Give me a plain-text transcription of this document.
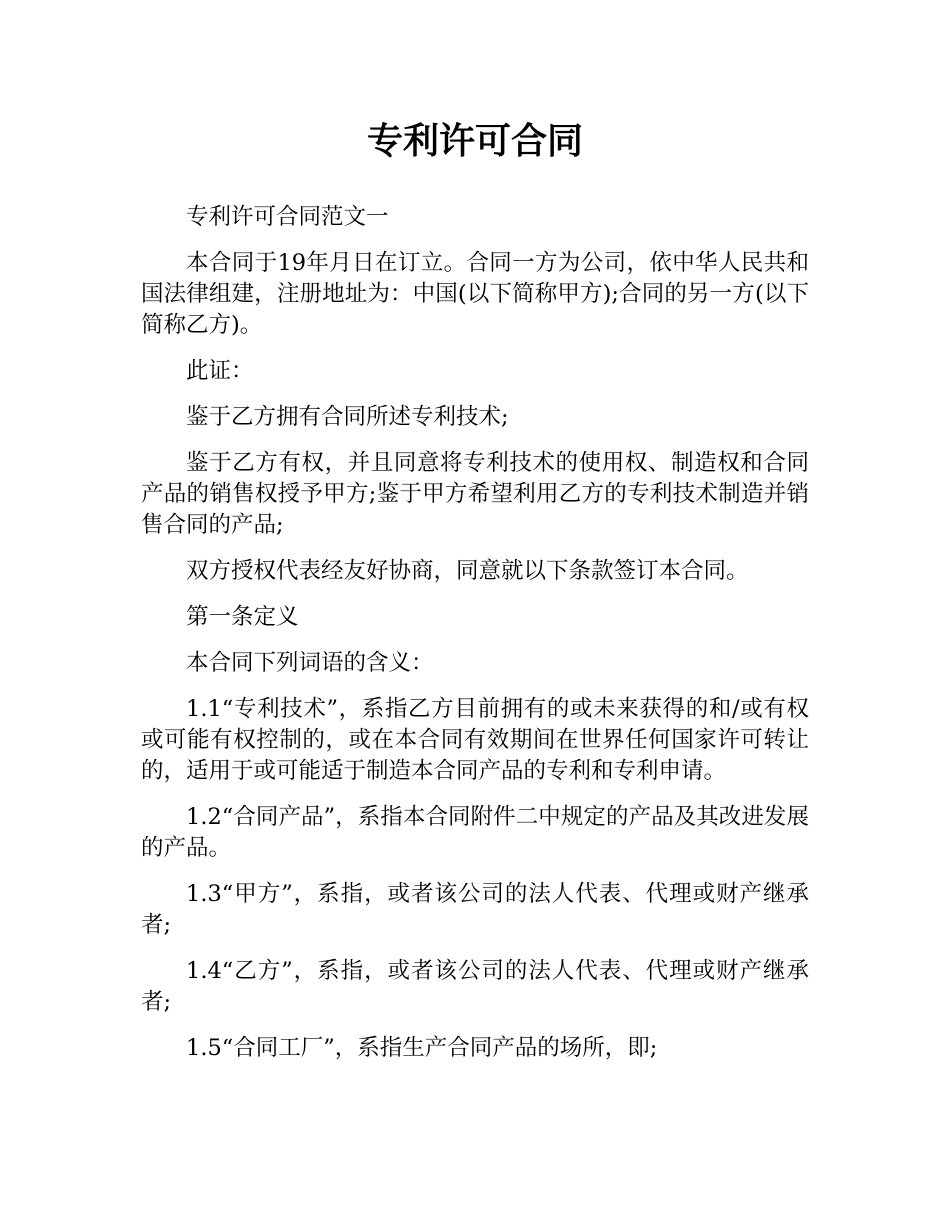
专利许可合同

专利许可合同范文一

本合同于19年月日在订立。合同一方为公司，依中华人民共和国法律组建，注册地址为：中国(以下简称甲方);合同的另一方(以下简称乙方)。

此证：

鉴于乙方拥有合同所述专利技术;

鉴于乙方有权，并且同意将专利技术的使用权、制造权和合同产品的销售权授予甲方;鉴于甲方希望利用乙方的专利技术制造并销售合同的产品;

双方授权代表经友好协商，同意就以下条款签订本合同。

第一条定义

本合同下列词语的含义：

1.1“专利技术”，系指乙方目前拥有的或未来获得的和/或有权或可能有权控制的，或在本合同有效期间在世界任何国家许可转让的，适用于或可能适于制造本合同产品的专利和专利申请。

1.2“合同产品”，系指本合同附件二中规定的产品及其改进发展的产品。

1.3“甲方”，系指，或者该公司的法人代表、代理或财产继承者;

1.4“乙方”，系指，或者该公司的法人代表、代理或财产继承者;

1.5“合同工厂”，系指生产合同产品的场所，即;
